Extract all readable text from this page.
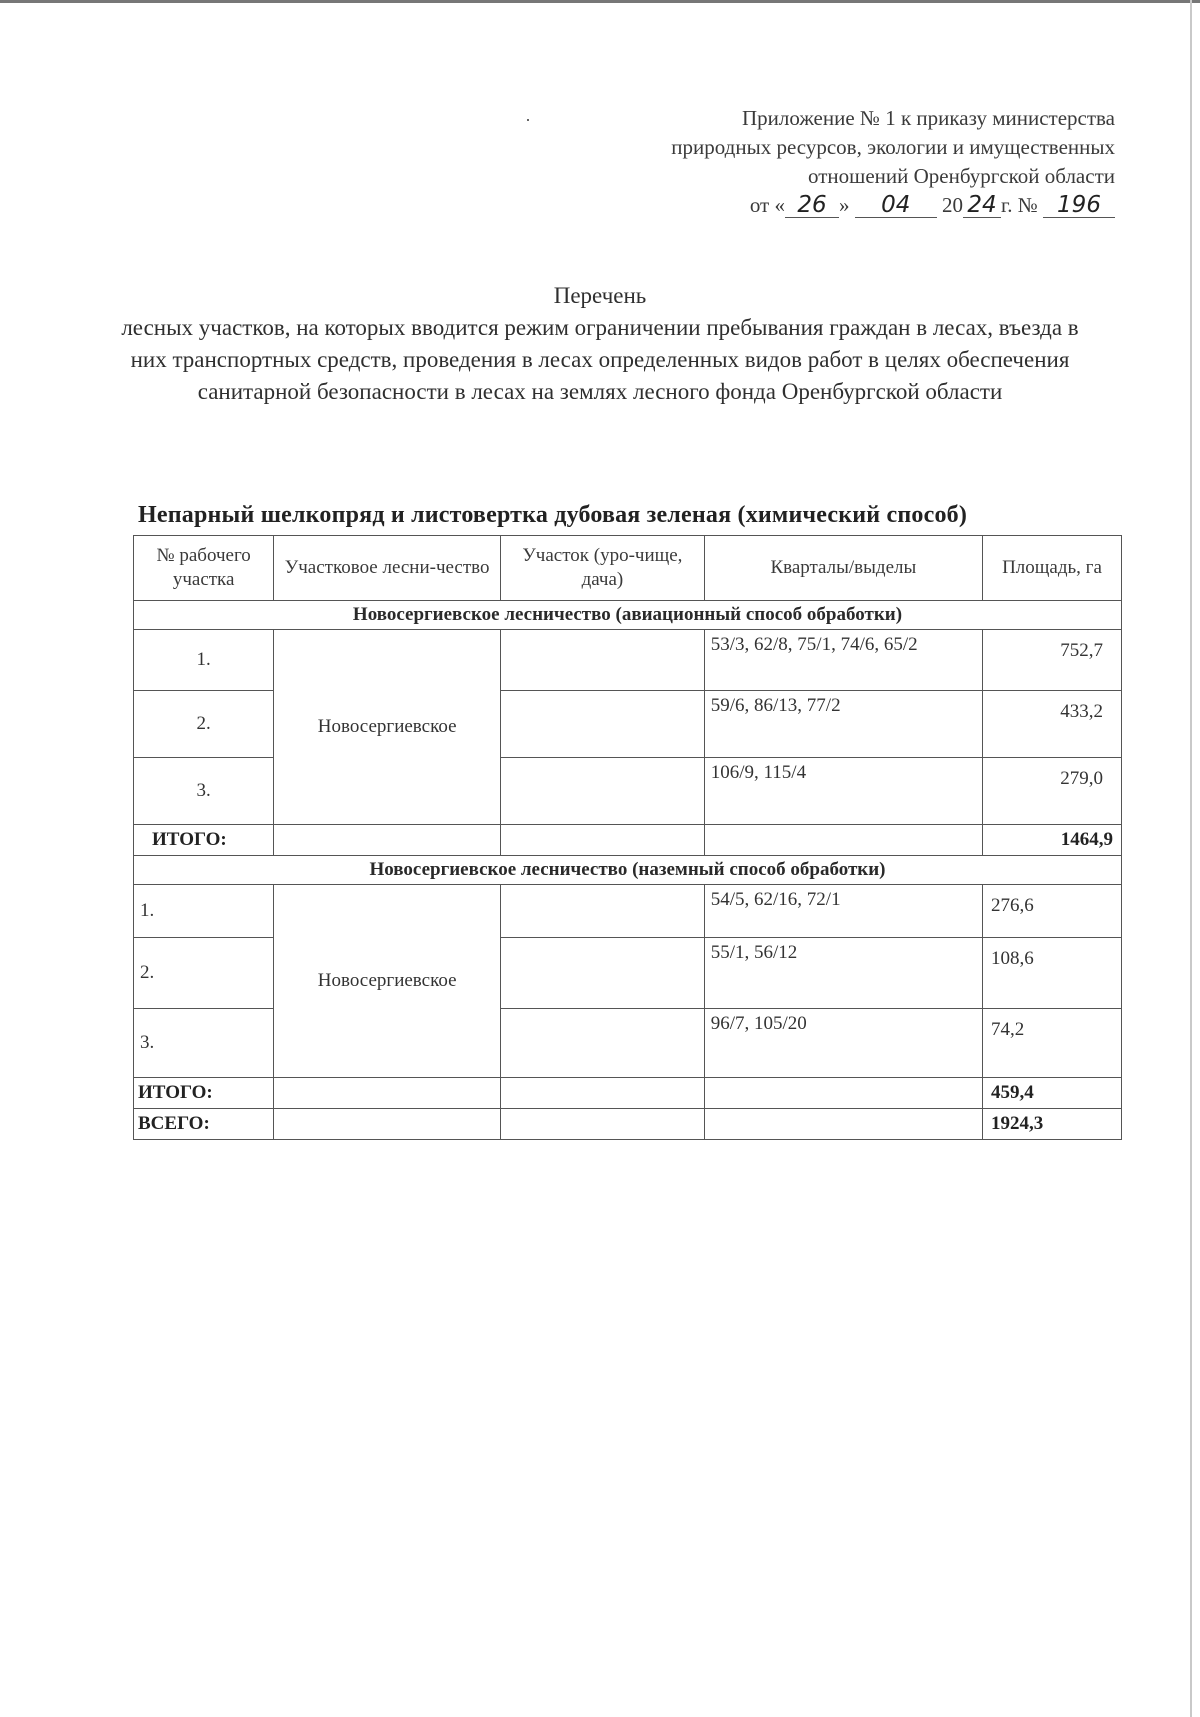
Приложение № 1 к приказу министерства
природных ресурсов, экологии и имущественных
отношений Оренбургской области
от « 26 » 04 20 24 г. № 196
Перечень
лесных участков, на которых вводится режим ограничении пребывания граждан в лесах, въезда в них транспортных средств, проведения в лесах определенных видов работ в целях обеспечения санитарной безопасности в лесах на землях лесного фонда Оренбургской области
Непарный шелкопряд и листовертка дубовая зеленая (химический способ)
№ рабочего участка	Участковое лесни-чество	Участок (уро-чище, дача)	Кварталы/выделы	Площадь, га
Новосергиевское лесничество (авиационный способ обработки)				
1.	Новосергиевское		53/3, 62/8, 75/1, 74/6, 65/2	752,7
2.			59/6, 86/13, 77/2	433,2
3.			106/9, 115/4	279,0
ИТОГО:				1464,9
Новосергиевское лесничество (наземный способ обработки)				
1.	Новосергиевское		54/5, 62/16, 72/1	276,6
2.			55/1, 56/12	108,6
3.			96/7, 105/20	74,2
ИТОГО:				459,4
ВСЕГО:				1924,3
